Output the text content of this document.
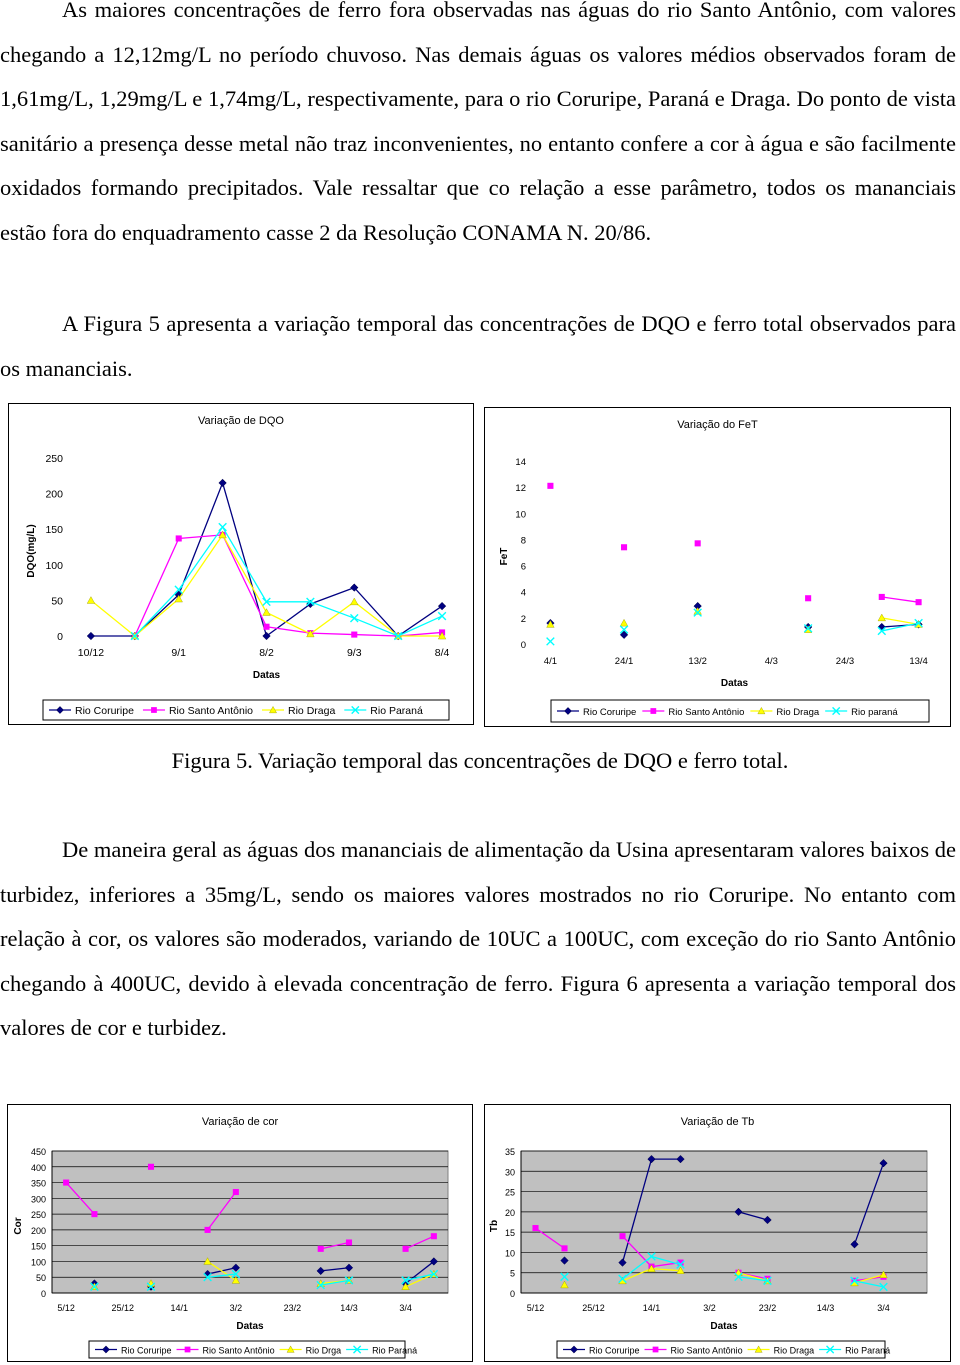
As maiores concentrações de ferro fora observadas nas águas do rio Santo Antônio, com valores chegando a 12,12mg/L no período chuvoso. Nas demais águas os valores médios observados foram de 1,61mg/L, 1,29mg/L e 1,74mg/L, respectivamente, para o rio Coruripe, Paraná e Draga. Do ponto de vista sanitário a presença desse metal não traz inconvenientes, no entanto confere a cor à água e são facilmente oxidados formando precipitados. Vale ressaltar que co relação a esse parâmetro, todos os mananciais estão fora do enquadramento casse 2 da Resolução CONAMA N. 20/86.

A Figura 5 apresenta a variação temporal das concentrações de DQO e ferro total observados para os mananciais.

Variação de DQO
0
50
100
150
200
250
10/12	9/1	8/2	9/3	8/4
Datas
DQO(mg/L)
Rio Coruripe	Rio Santo Antônio	Rio Draga	Rio Paraná
Variação do FeT
0
2
4
6
8
10
12
14
4/1	24/1	13/2	4/3	24/3	13/4
Datas
FeT
Rio Coruripe	Rio Santo Antônio	Rio Draga	Rio paraná
Figura 5. Variação temporal das concentrações de DQO e ferro total.

De maneira geral as águas dos mananciais de alimentação da Usina apresentaram valores baixos de turbidez, inferiores a 35mg/L, sendo os maiores valores mostrados no rio Coruripe. No entanto com relação à cor, os valores são moderados, variando de 10UC a 100UC, com exceção do rio Santo Antônio chegando à 400UC, devido à elevada concentração de ferro. Figura 6 apresenta a variação temporal dos valores de cor e turbidez.

Variação de cor
0
50
100
150
200
250
300
350
400
450
5/12	25/12	14/1	3/2	23/2	14/3	3/4
Datas
Cor
Rio Coruripe	Rio Santo Antônio	Rio Drga	Rio Paraná
Variação de Tb
0
5
10
15
20
25
30
35
5/12	25/12	14/1	3/2	23/2	14/3	3/4
Datas
Tb
Rio Coruripe	Rio Santo Antônio	Rio Draga	Rio Paraná
